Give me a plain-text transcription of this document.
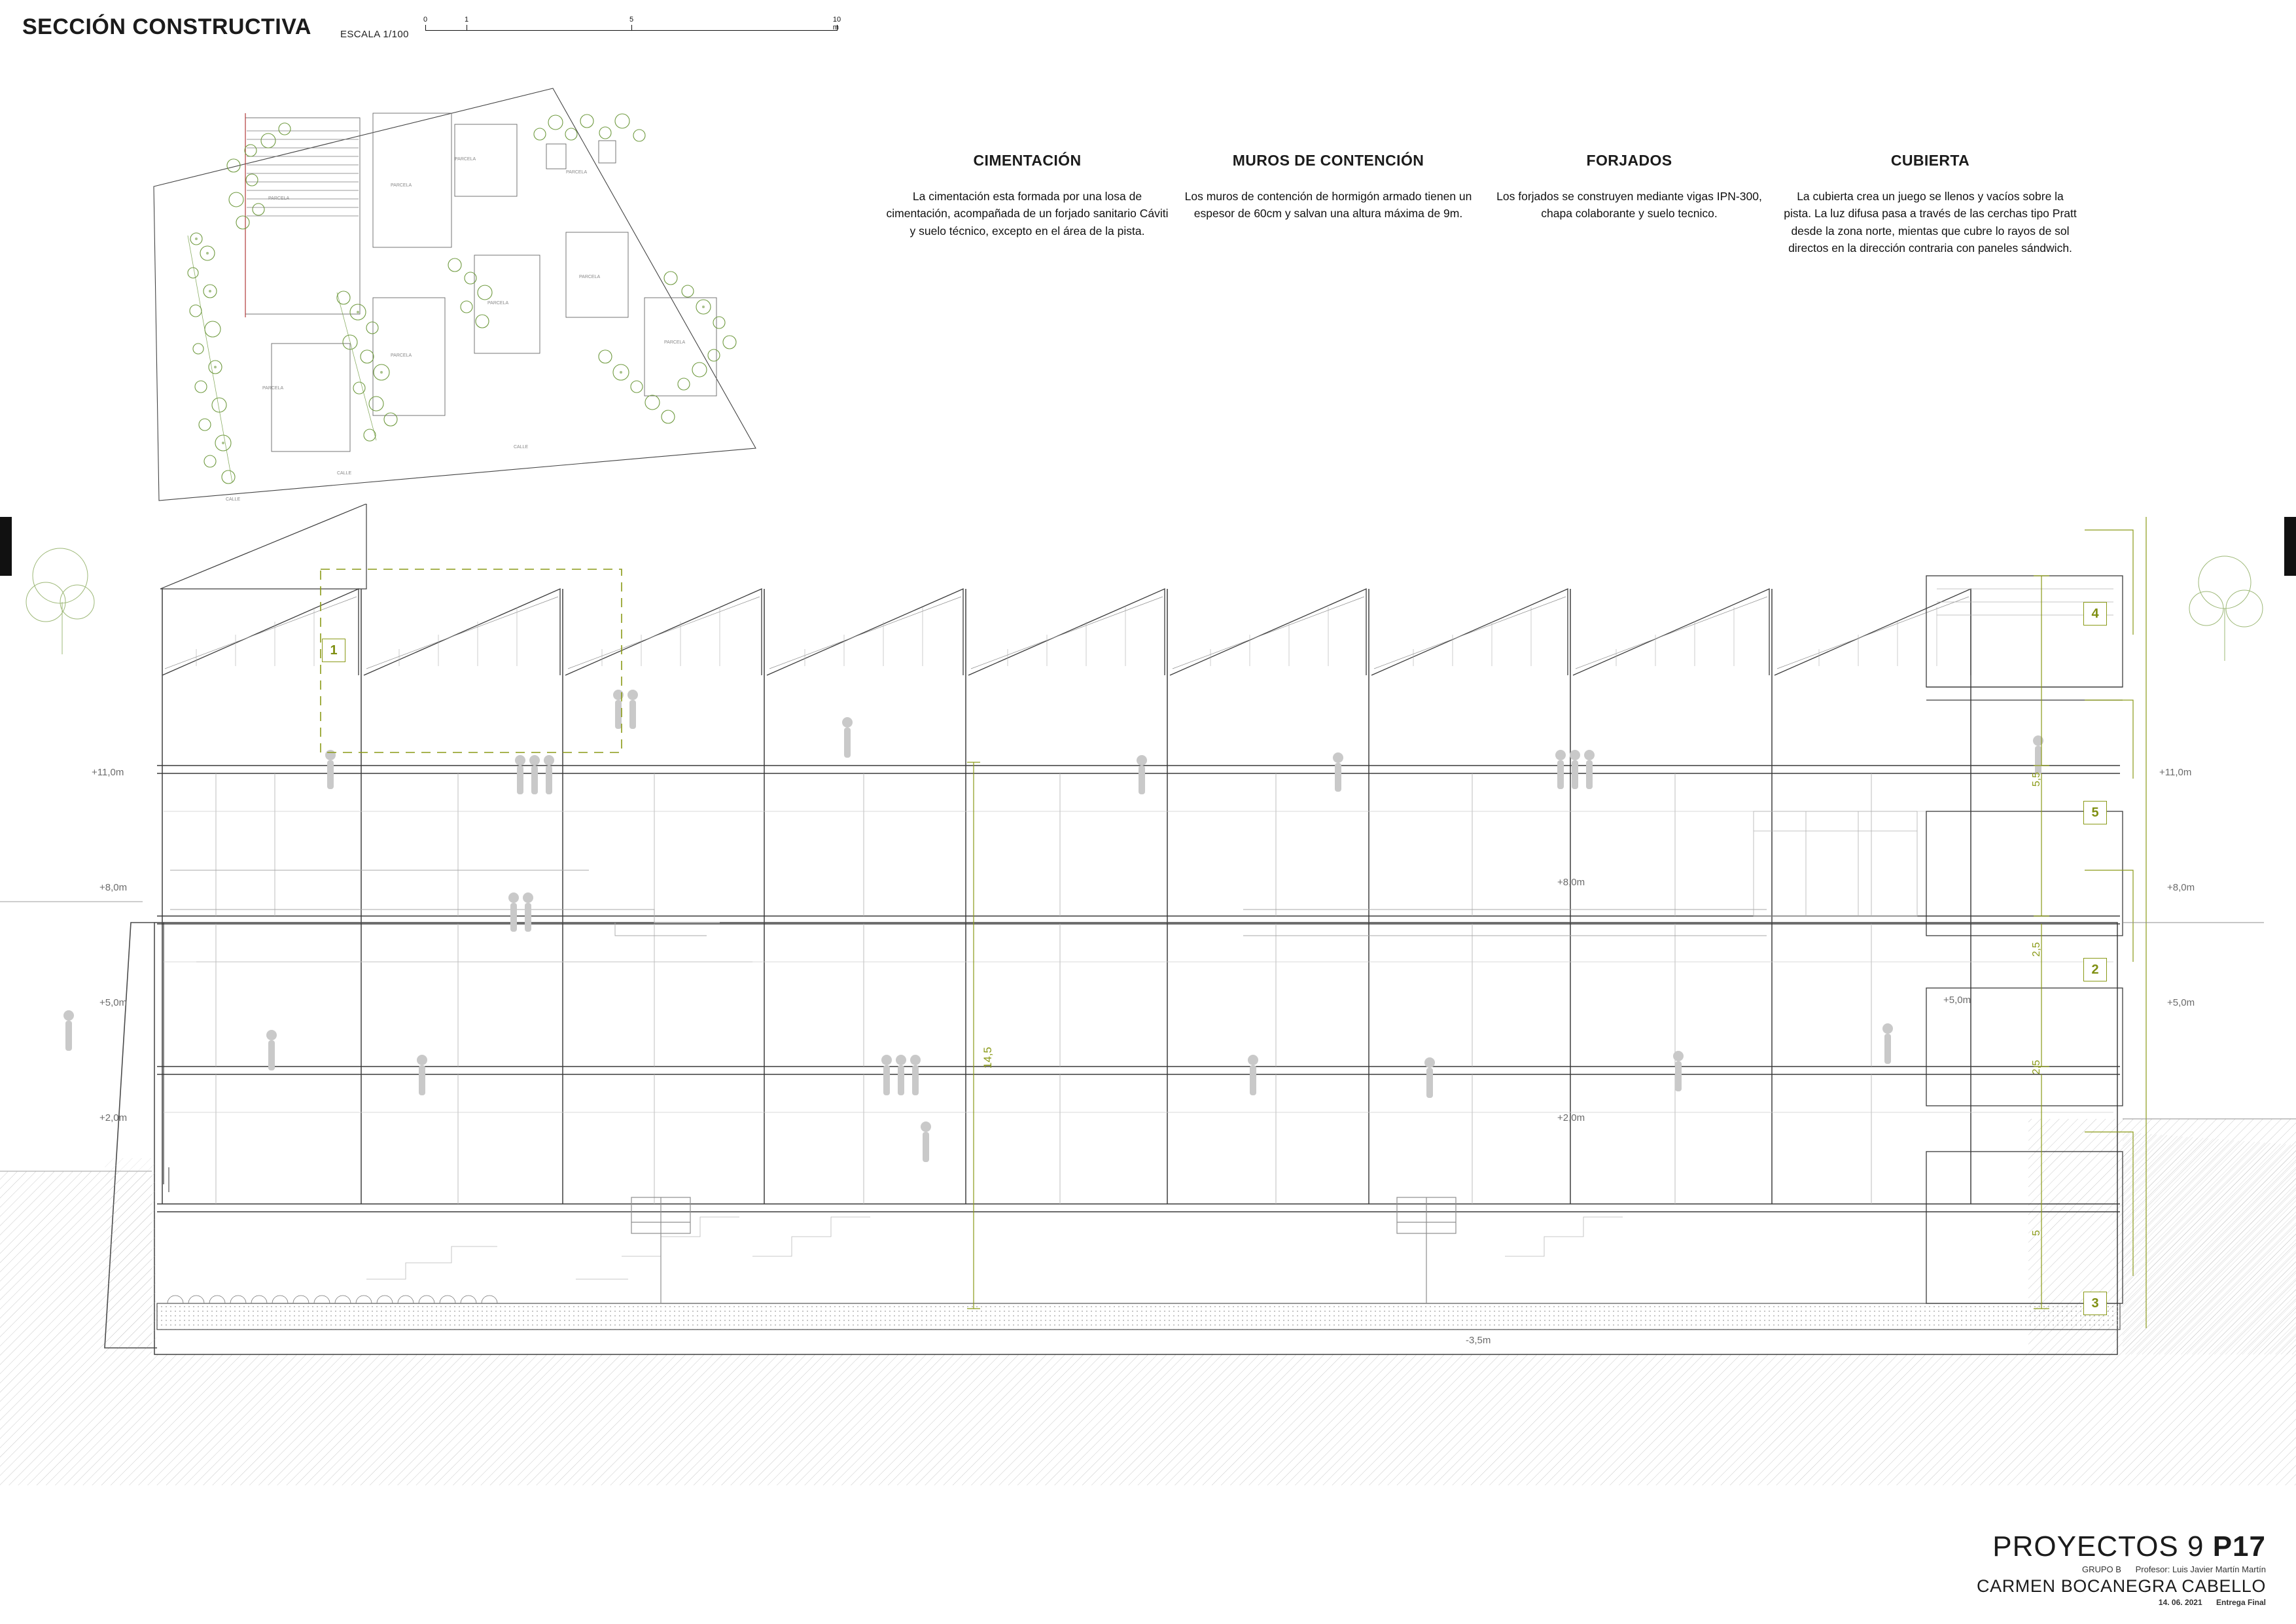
SECCIÓN CONSTRUCTIVA	ESCALA 1/100
0	1	5	10 m
CIMENTACIÓN

La cimentación esta formada por una losa de cimentación, acompañada de un forjado sanitario Cáviti y suelo técnico, excepto en el área de la pista.

MUROS DE CONTENCIÓN

Los muros de contención de hormigón armado tienen un espesor de 60cm y salvan una altura máxima de 9m.

FORJADOS

Los forjados se construyen mediante vigas IPN-300, chapa colaborante y suelo tecnico.

CUBIERTA

La cubierta crea un juego se llenos y vacíos sobre la pista. La luz difusa pasa a través de las cerchas tipo Pratt desde la zona norte, mientas que cubre lo rayos de sol directos en la dirección contraria con paneles sándwich.

PARCELA
PARCELA
PARCELA
PARCELA
PARCELA
PARCELA
PARCELA
PARCELA
PARCELA
CALLE
CALLE
CALLE
1
2
3
4
5
+11,0m
+8,0m
+5,0m
+2,0m
+11,0m
+8,0m
+5,0m
+8,0m
+5,0m
+2,0m
-3,5m
14,5
5,5
2,5
2,5
5
PROYECTOS 9 P17
GRUPO B Profesor: Luis Javier Martín Martín
CARMEN BOCANEGRA CABELLO
14. 06. 2021 Entrega Final
